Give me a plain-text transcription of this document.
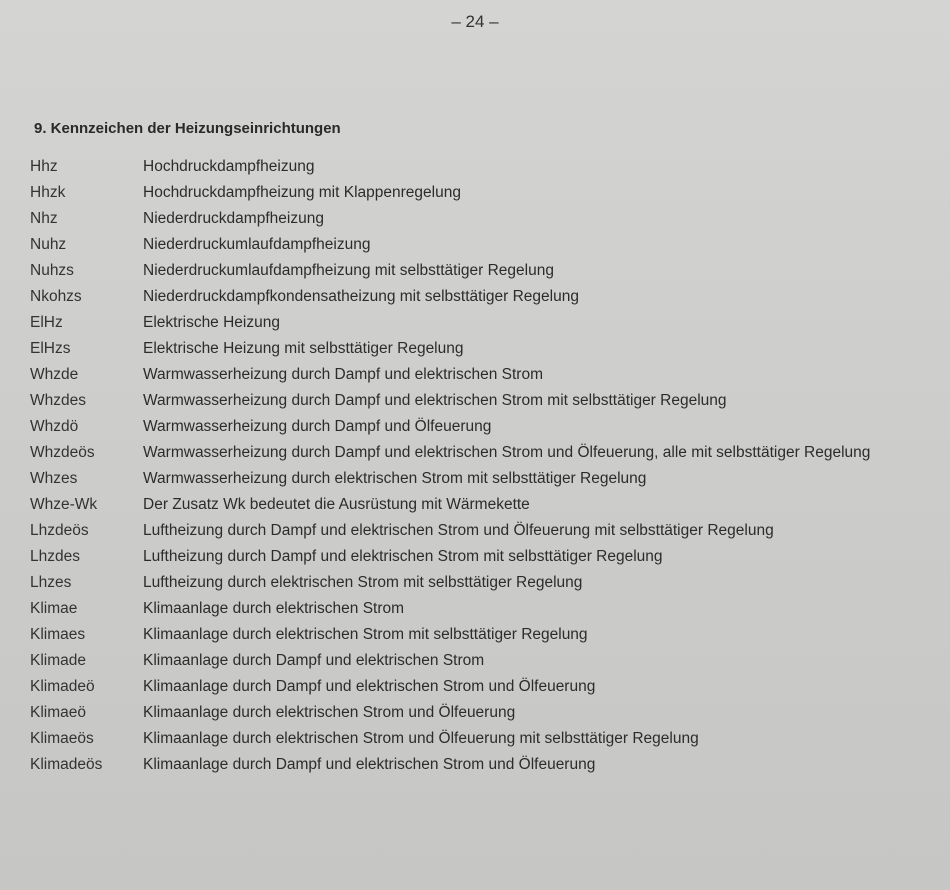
– 24 –
9. Kennzeichen der Heizungseinrichtungen
Hhz	Hochdruckdampfheizung
Hhzk	Hochdruckdampfheizung mit Klappenregelung
Nhz	Niederdruckdampfheizung
Nuhz	Niederdruckumlaufdampfheizung
Nuhzs	Niederdruckumlaufdampfheizung mit selbsttätiger Regelung
Nkohzs	Niederdruckdampfkondensatheizung mit selbsttätiger Regelung
ElHz	Elektrische Heizung
ElHzs	Elektrische Heizung mit selbsttätiger Regelung
Whzde	Warmwasserheizung durch Dampf und elektrischen Strom
Whzdes	Warmwasserheizung durch Dampf und elektrischen Strom mit selbsttätiger Regelung
Whzdö	Warmwasserheizung durch Dampf und Ölfeuerung
Whzdeös	Warmwasserheizung durch Dampf und elektrischen Strom und Ölfeuerung, alle mit selbsttätiger Regelung
Whzes	Warmwasserheizung durch elektrischen Strom mit selbsttätiger Regelung
Whze-Wk	Der Zusatz Wk bedeutet die Ausrüstung mit Wärmekette
Lhzdeös	Luftheizung durch Dampf und elektrischen Strom und Ölfeuerung mit selbsttätiger Regelung
Lhzdes	Luftheizung durch Dampf und elektrischen Strom mit selbsttätiger Regelung
Lhzes	Luftheizung durch elektrischen Strom mit selbsttätiger Regelung
Klimae	Klimaanlage durch elektrischen Strom
Klimaes	Klimaanlage durch elektrischen Strom mit selbsttätiger Regelung
Klimade	Klimaanlage durch Dampf und elektrischen Strom
Klimadeö	Klimaanlage durch Dampf und elektrischen Strom und Ölfeuerung
Klimaeö	Klimaanlage durch elektrischen Strom und Ölfeuerung
Klimaeös	Klimaanlage durch elektrischen Strom und Ölfeuerung mit selbsttätiger Regelung
Klimadeös	Klimaanlage durch Dampf und elektrischen Strom und Ölfeuerung
